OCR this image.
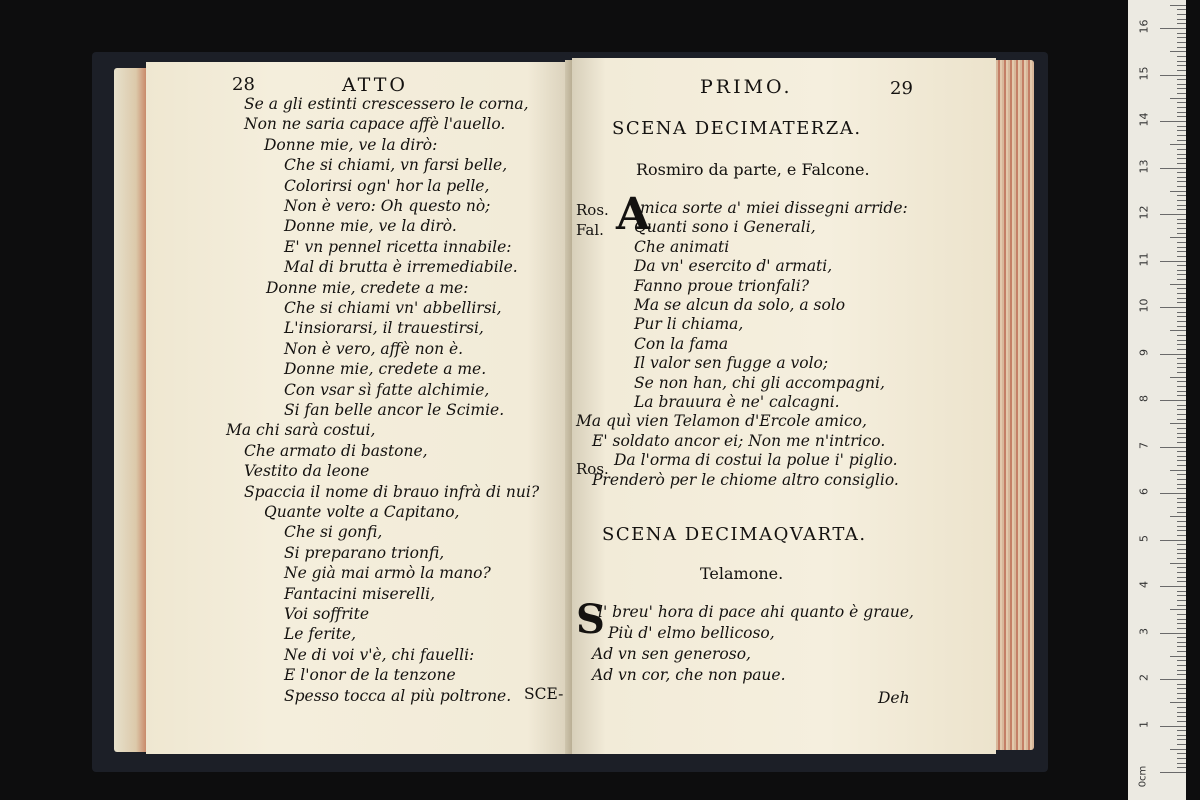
0cm
1
2
3
4
5
6
7
8
9
10
11
12
13
14
15
16
28	ATTO
Se a gli estinti crescessero le corna,
Non ne saria capace affè l'auello.
Donne mie, ve la dirò:
Che si chiami, vn farsi belle,
Colorirsi ogn' hor la pelle,
Non è vero: Oh questo nò;
Donne mie, ve la dirò.
E' vn pennel ricetta innabile:
Mal di brutta è irremediabile.
Donne mie, credete a me:
Che si chiami vn' abbellirsi,
L'insiorarsi, il trauestirsi,
Non è vero, affè non è.
Donne mie, credete a me.
Con vsar sì fatte alchimie,
Si fan belle ancor le Scimie.
Ma chi sarà costui,
Che armato di bastone,
Vestito da leone
Spaccia il nome di brauo infrà di nui?
Quante volte a Capitano,
Che si gonfi,
Si preparano trionfi,
Ne già mai armò la mano?
Fantacini miserelli,
Voi soffrite
Le ferite,
Ne di voi v'è, chi fauelli:
E l'onor de la tenzone
Spesso tocca al più poltrone. SCE-
PRIMO.	29
SCENA DECIMATERZA.
Rosmiro da parte, e Falcone.
Ros.
Fal. A
mica sorte a' miei dissegni arride:
Quanti sono i Generali,
Che animati
Da vn' esercito d' armati,
Fanno proue trionfali?
Ma se alcun da solo, a solo
Pur li chiama,
Con la fama
Il valor sen fugge a volo;
Se non han, chi gli accompagni,
La brauura è ne' calcagni.
Ma quì vien Telamon d'Ercole amico,
E' soldato ancor ei; Non me n'intrico.
Da l'orma di costui la polue i' piglio.
Prenderò per le chiome altro consiglio.
Ros.
SCENA DECIMAQVARTA.
Telamone.
S
l' breu' hora di pace ahi quanto è graue,
Più d' elmo bellicoso,
Ad vn sen generoso,
Ad vn cor, che non paue.
Deh
